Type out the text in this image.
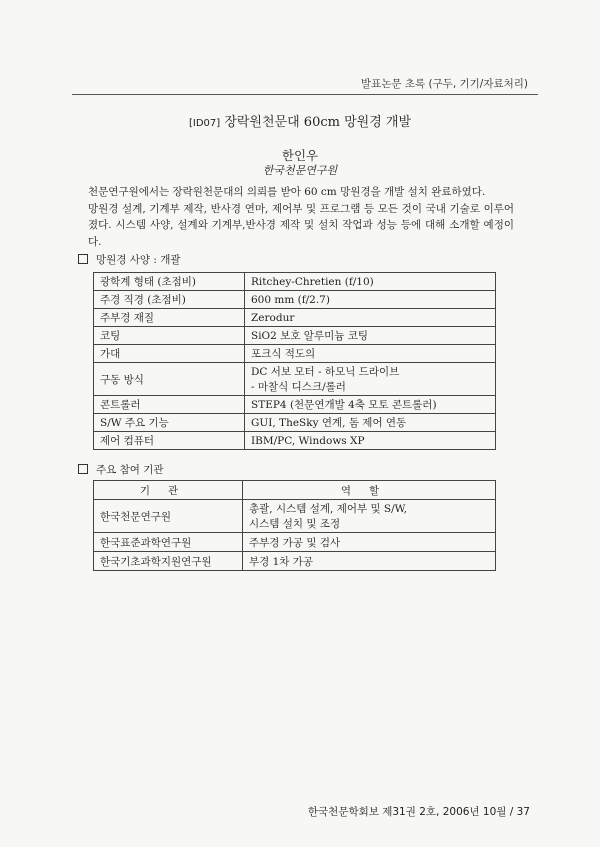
발표논문 초록 (구두, 기기/자료처리)
[ID07] 장락원천문대 60cm 망원경 개발
한인우
한국천문연구원

천문연구원에서는 장락원천문대의 의뢰를 받아 60 cm 망원경을 개발 설치 완료하였다.

망원경 설계, 기계부 제작, 반사경 연마, 제어부 및 프로그램 등 모든 것이 국내 기술로 이루어졌다. 시스템 사양, 설계와 기계부,반사경 제작 및 설치 작업과 성능 등에 대해 소개할 예정이다.

망원경 사양 : 개괄
광학계 형태 (초점비)	Ritchey-Chretien (f/10)
주경 직경 (초점비)	600 mm (f/2.7)
주부경 재질	Zerodur
코팅	SiO2 보호 알루미늄 코팅
가대	포크식 적도의
구동 방식	DC 서보 모터 - 하모닉 드라이브
- 마찰식 디스크/롤러

콘트롤러	STEP4 (천문연개발 4축 모토 콘트롤러)
S/W 주요 기능	GUI, TheSky 연계, 돔 제어 연동
제어 컴퓨터	IBM/PC, Windows XP
주요 참여 기관
기관	역할
한국천문연구원	총괄, 시스템 설계, 제어부 및 S/W,
시스템 설치 및 조정

한국표준과학연구원	주부경 가공 및 검사
한국기초과학지원연구원	부경 1차 가공
한국천문학회보 제31권 2호, 2006년 10월 / 37
